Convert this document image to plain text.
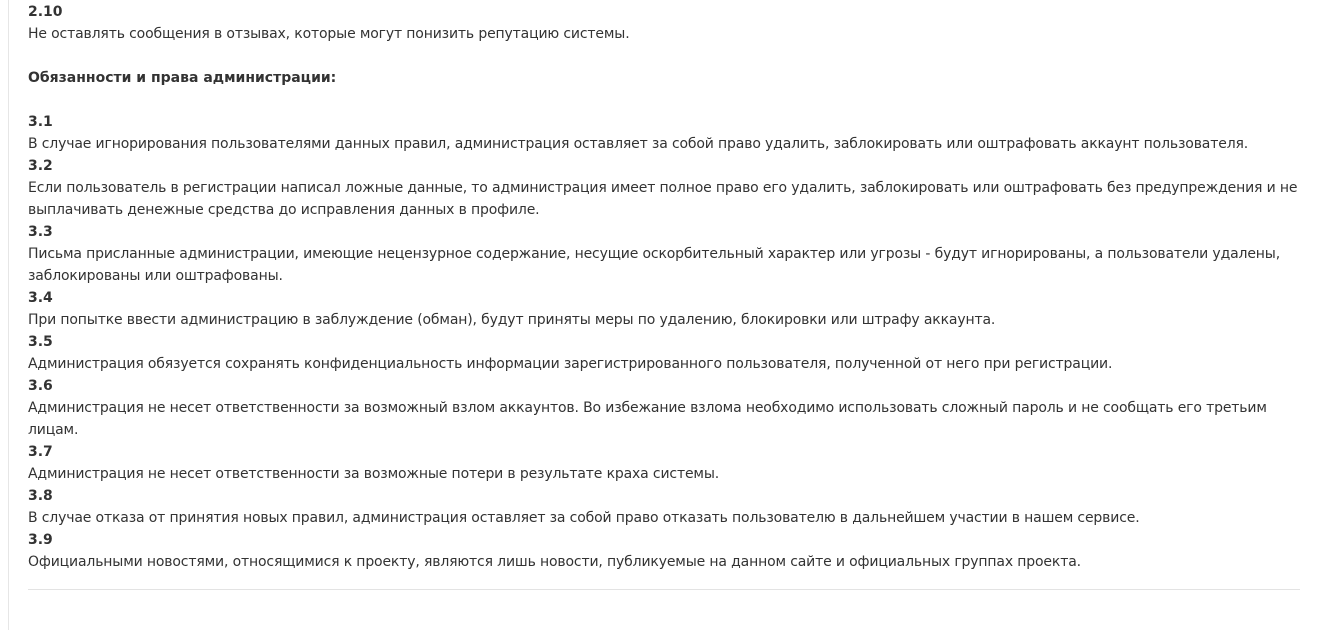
2.10
Не оставлять сообщения в отзывах, которые могут понизить репутацию системы.
Обязанности и права администрации:
3.1
В случае игнорирования пользователями данных правил, администрация оставляет за собой право удалить, заблокировать или оштрафовать аккаунт пользователя.
3.2
Если пользователь в регистрации написал ложные данные, то администрация имеет полное право его удалить, заблокировать или оштрафовать без предупреждения и не выплачивать денежные средства до исправления данных в профиле.
3.3
Письма присланные администрации, имеющие нецензурное содержание, несущие оскорбительный характер или угрозы - будут игнорированы, а пользователи удалены, заблокированы или оштрафованы.
3.4
При попытке ввести администрацию в заблуждение (обман), будут приняты меры по удалению, блокировки или штрафу аккаунта.
3.5
Администрация обязуется сохранять конфиденциальность информации зарегистрированного пользователя, полученной от него при регистрации.
3.6
Администрация не несет ответственности за возможный взлом аккаунтов. Во избежание взлома необходимо использовать сложный пароль и не сообщать его третьим лицам.
3.7
Администрация не несет ответственности за возможные потери в результате краха системы.
3.8
В случае отказа от принятия новых правил, администрация оставляет за собой право отказать пользователю в дальнейшем участии в нашем сервисе.
3.9
Официальными новостями, относящимися к проекту, являются лишь новости, публикуемые на данном сайте и официальных группах проекта.
